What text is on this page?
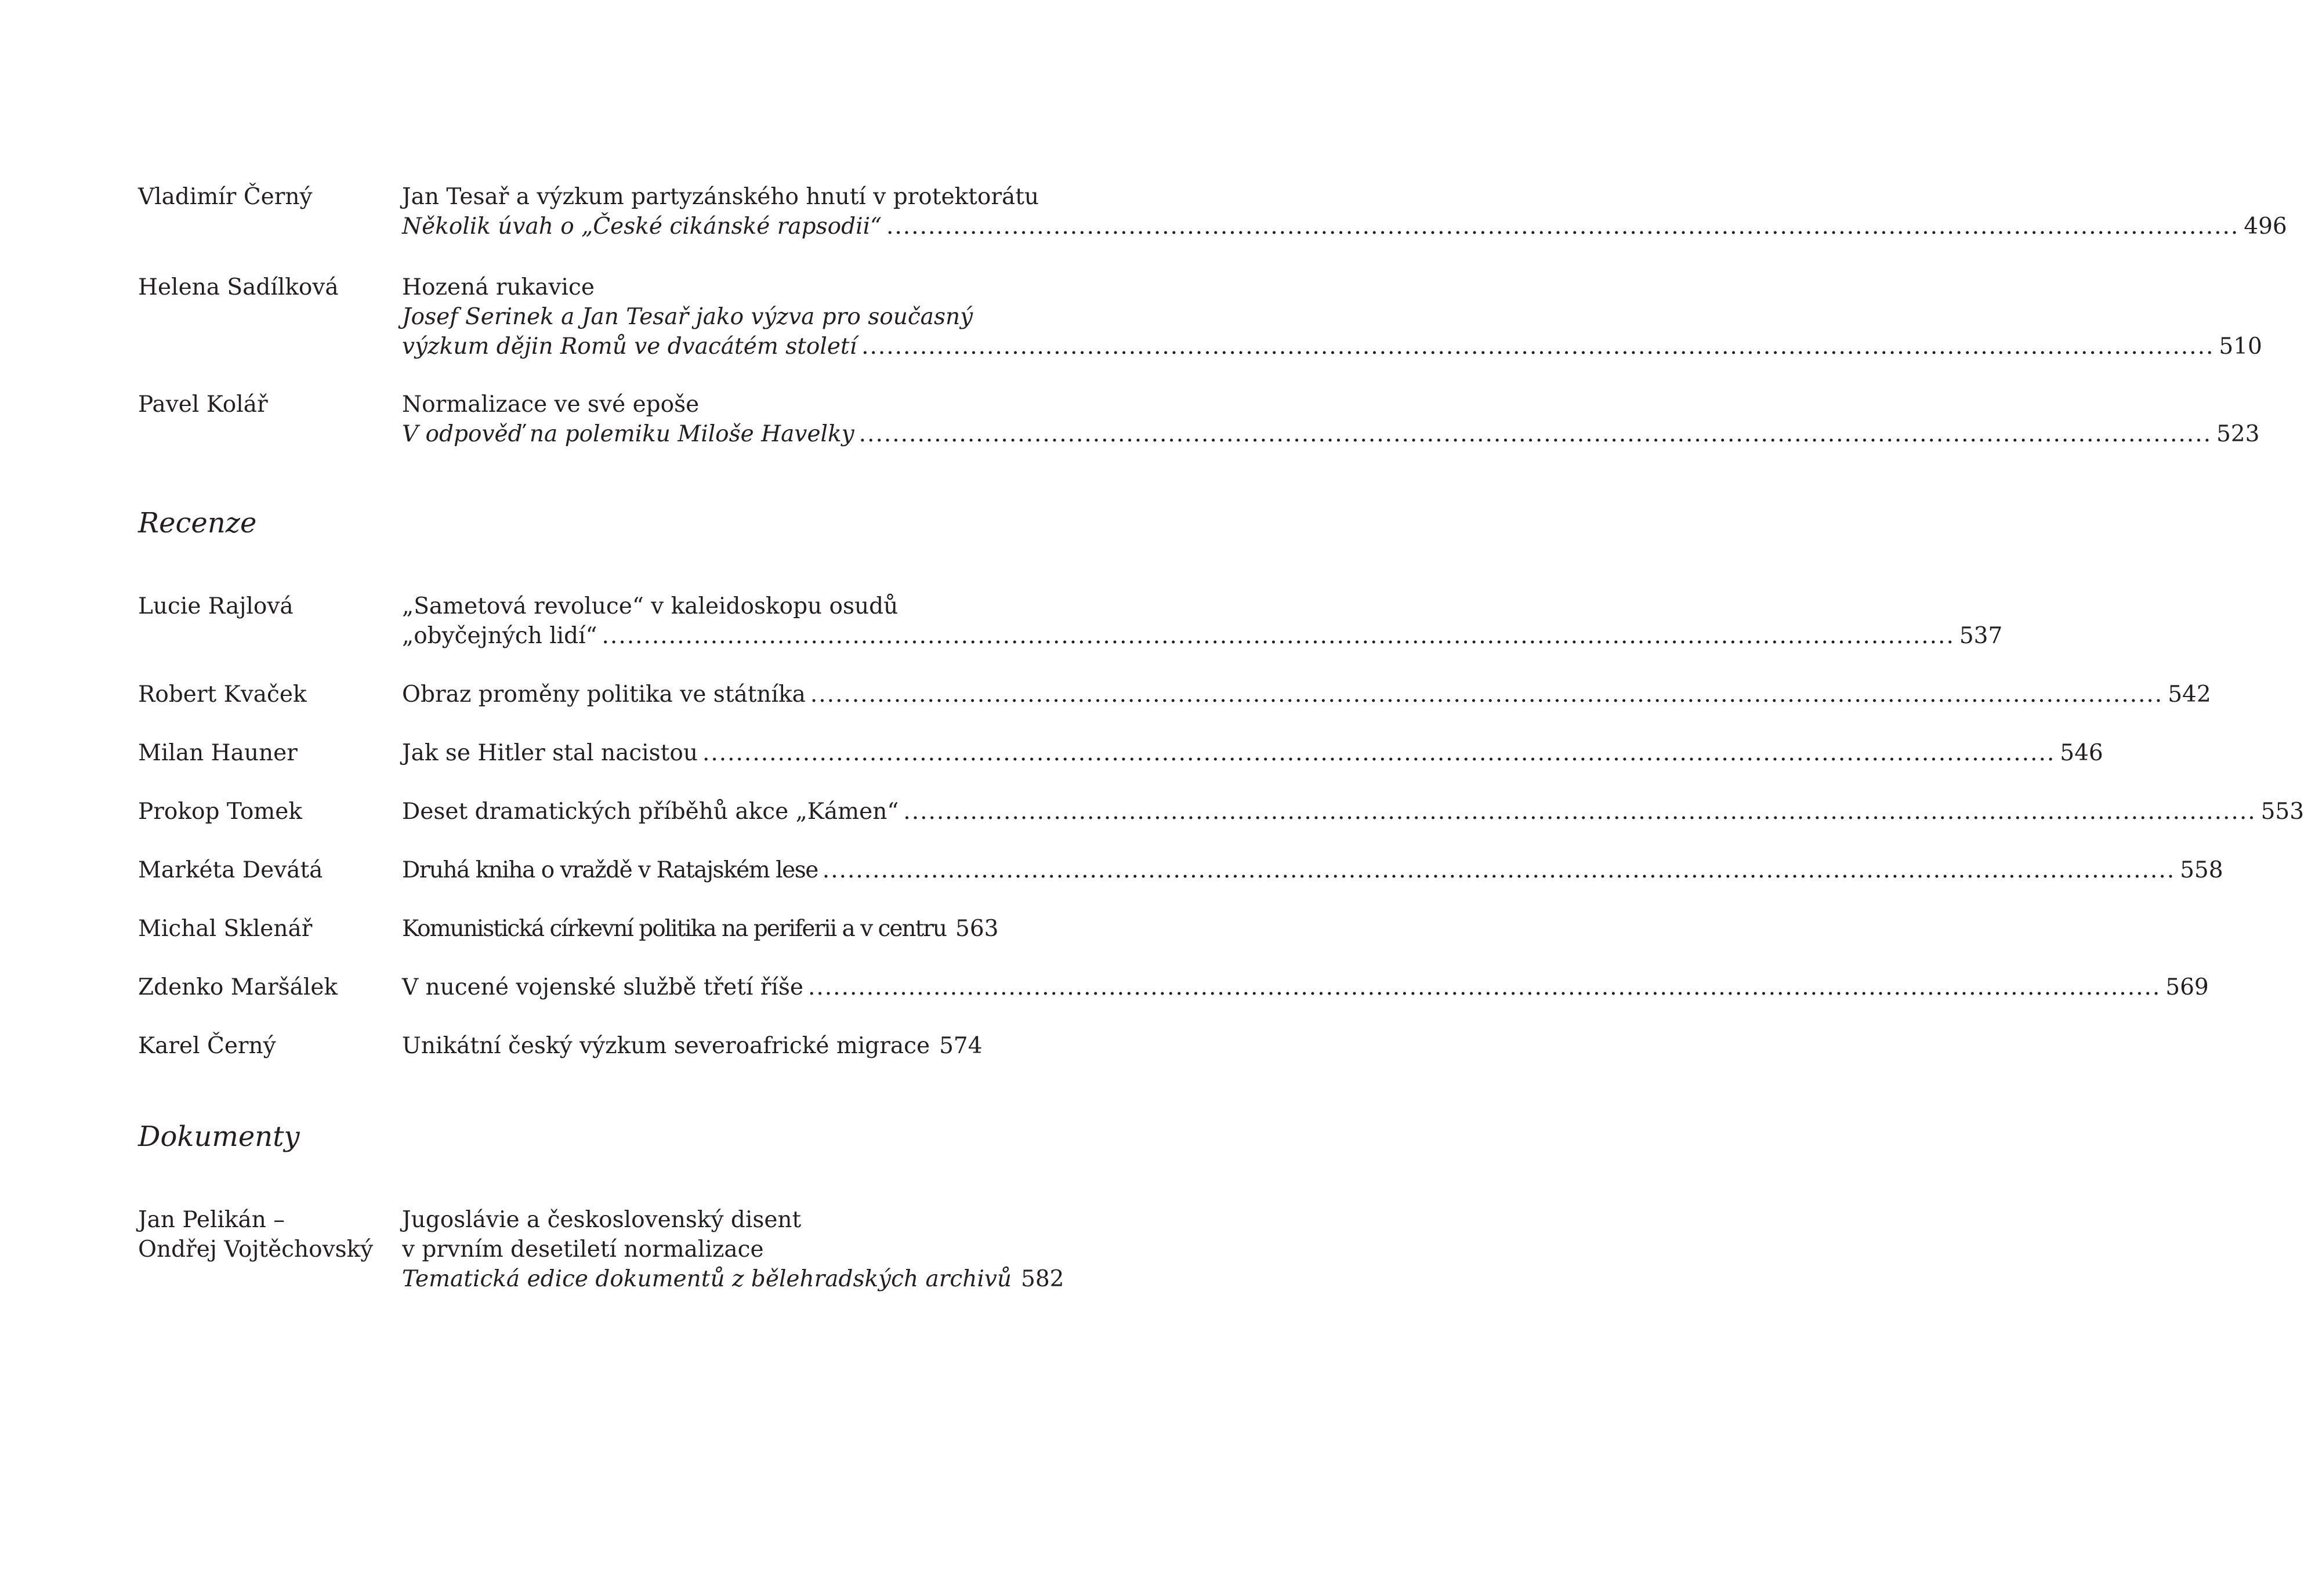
Vladimír Černý	Jan Tesař a výzkum partyzánského hnutí v protektorátu
Několik úvah o „České cikánské rapsodii“ .....	496
Helena Sadílková	Hozená rukavice
Josef Serinek a Jan Tesař jako výzva pro současný
výzkum dějin Romů ve dvacátém století .....	510
Pavel Kolář	Normalizace ve své epoše
V odpověď na polemiku Miloše Havelky .....	523
Recenze
Lucie Rajlová	„Sametová revoluce“ v kaleidoskopu osudů
„obyčejných lidí“ .....	537
Robert Kvaček	Obraz proměny politika ve státníka .....	542
Milan Hauner	Jak se Hitler stal nacistou .....	546
Prokop Tomek	Deset dramatických příběhů akce „Kámen“ .....	553
Markéta Devátá	Druhá kniha o vraždě v Ratajském lese .....	558
Michal Sklenář	Komunistická církevní politika na periferii a v centru 563
Zdenko Maršálek	V nucené vojenské službě třetí říše .....	569
Karel Černý	Unikátní český výzkum severoafrické migrace 574
Dokumenty
Jan Pelikán –
Ondřej Vojtěchovský
Jugoslávie a československý disent
v prvním desetiletí normalizace
Tematická edice dokumentů z bělehradských archivů 582
